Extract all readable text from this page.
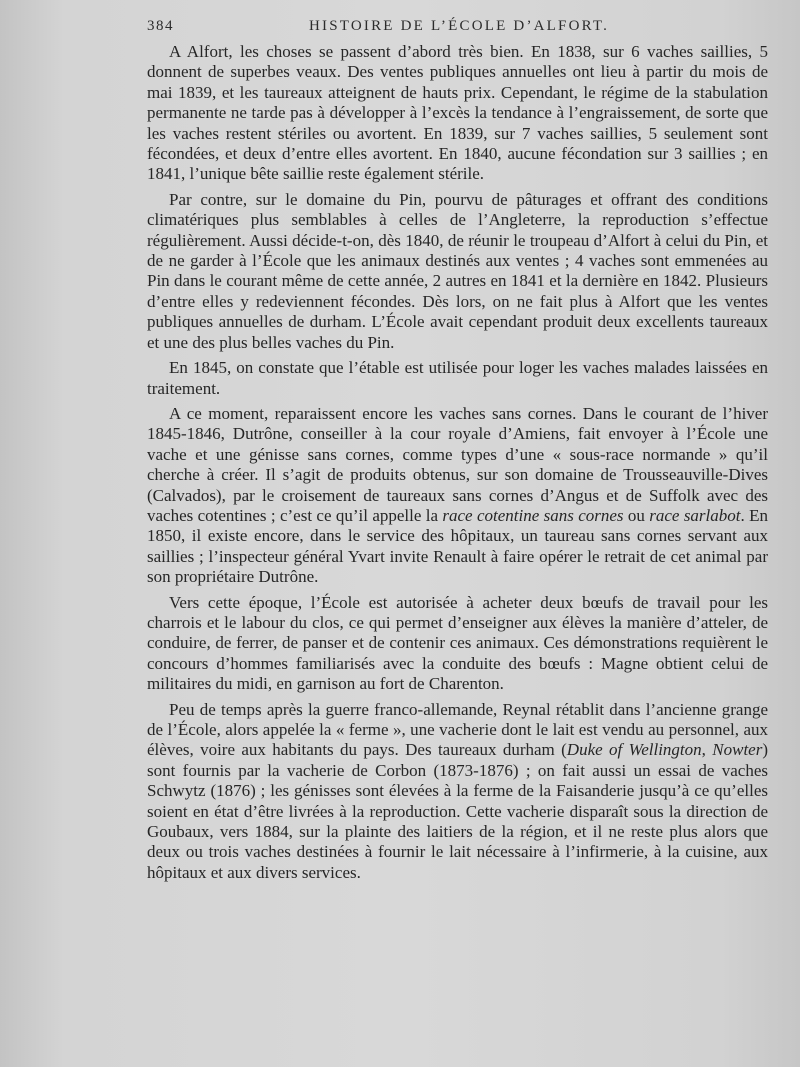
384	HISTOIRE DE L’ÉCOLE D’ALFORT.

A Alfort, les choses se passent d’abord très bien. En 1838, sur 6 vaches saillies, 5 donnent de superbes veaux. Des ventes publiques annuelles ont lieu à partir du mois de mai 1839, et les taureaux atteignent de hauts prix. Cependant, le régime de la stabulation permanente ne tarde pas à développer à l’excès la tendance à l’engraissement, de sorte que les vaches restent stériles ou avortent. En 1839, sur 7 vaches saillies, 5 seulement sont fécondées, et deux d’entre elles avortent. En 1840, aucune fécondation sur 3 saillies ; en 1841, l’unique bête saillie reste également stérile.

Par contre, sur le domaine du Pin, pourvu de pâturages et offrant des conditions climatériques plus semblables à celles de l’Angleterre, la reproduction s’effectue régulièrement. Aussi décide-t-on, dès 1840, de réunir le troupeau d’Alfort à celui du Pin, et de ne garder à l’École que les animaux destinés aux ventes ; 4 vaches sont emmenées au Pin dans le courant même de cette année, 2 autres en 1841 et la dernière en 1842. Plusieurs d’entre elles y redeviennent fécondes. Dès lors, on ne fait plus à Alfort que les ventes publiques annuelles de durham. L’École avait cependant produit deux excellents taureaux et une des plus belles vaches du Pin.

En 1845, on constate que l’étable est utilisée pour loger les vaches malades laissées en traitement.

A ce moment, reparaissent encore les vaches sans cornes. Dans le courant de l’hiver 1845-1846, Dutrône, conseiller à la cour royale d’Amiens, fait envoyer à l’École une vache et une génisse sans cornes, comme types d’une « sous-race normande » qu’il cherche à créer. Il s’agit de produits obtenus, sur son domaine de Trousseauville-Dives (Calvados), par le croisement de taureaux sans cornes d’Angus et de Suffolk avec des vaches cotentines ; c’est ce qu’il appelle la race cotentine sans cornes ou race sarlabot. En 1850, il existe encore, dans le service des hôpitaux, un taureau sans cornes servant aux saillies ; l’inspecteur général Yvart invite Renault à faire opérer le retrait de cet animal par son propriétaire Dutrône.

Vers cette époque, l’École est autorisée à acheter deux bœufs de travail pour les charrois et le labour du clos, ce qui permet d’enseigner aux élèves la manière d’atteler, de conduire, de ferrer, de panser et de contenir ces animaux. Ces démonstrations requièrent le concours d’hommes familiarisés avec la conduite des bœufs : Magne obtient celui de militaires du midi, en garnison au fort de Charenton.

Peu de temps après la guerre franco-allemande, Reynal rétablit dans l’ancienne grange de l’École, alors appelée la « ferme », une vacherie dont le lait est vendu au personnel, aux élèves, voire aux habitants du pays. Des taureaux durham (Duke of Wellington, Nowter) sont fournis par la vacherie de Corbon (1873-1876) ; on fait aussi un essai de vaches Schwytz (1876) ; les génisses sont élevées à la ferme de la Faisanderie jusqu’à ce qu’elles soient en état d’être livrées à la reproduction. Cette vacherie disparaît sous la direction de Goubaux, vers 1884, sur la plainte des laitiers de la région, et il ne reste plus alors que deux ou trois vaches destinées à fournir le lait nécessaire à l’infirmerie, à la cuisine, aux hôpitaux et aux divers services.
